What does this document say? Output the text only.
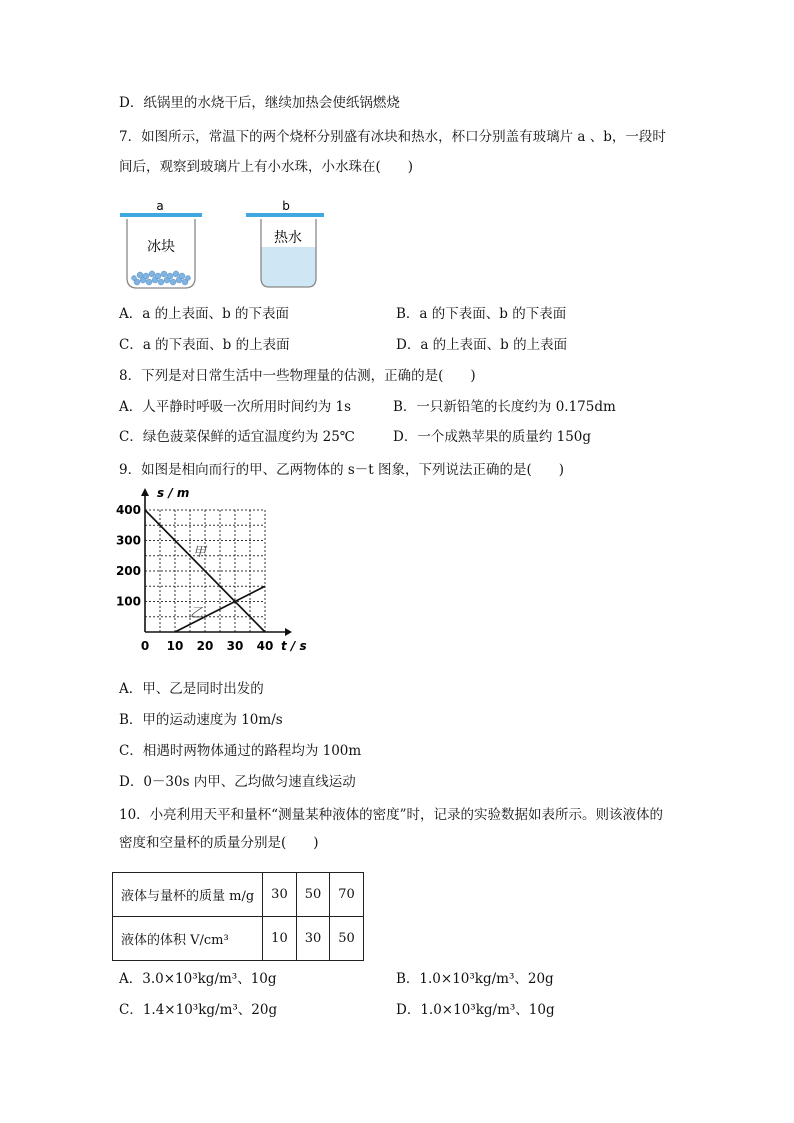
D．纸锅里的水烧干后，继续加热会使纸锅燃烧
7．如图所示，常温下的两个烧杯分别盛有冰块和热水，杯口分别盖有玻璃片 a 、b，一段时
间后，观察到玻璃片上有小水珠，小水珠在(　　)
a
冰块
b
热水
A．a 的上表面、b 的下表面	B．a 的下表面、b 的下表面
C．a 的下表面、b 的上表面	D．a 的上表面、b 的上表面
8．下列是对日常生活中一些物理量的估测，正确的是(　　)
A．人平静时呼吸一次所用时间约为 1s	B．一只新铅笔的长度约为 0.175dm
C．绿色菠菜保鲜的适宜温度约为 25℃	D．一个成熟苹果的质量约 150g
9．如图是相向而行的甲、乙两物体的 s－t 图象，下列说法正确的是(　　)
0 10 20 30 40
100
200
300
400
s / m
t / s
甲
乙
A．甲、乙是同时出发的
B．甲的运动速度为 10m/s
C．相遇时两物体通过的路程均为 100m
D．0－30s 内甲、乙均做匀速直线运动
10．小亮利用天平和量杯“测量某种液体的密度”时，记录的实验数据如表所示。则该液体的
密度和空量杯的质量分别是(　　)
液体与量杯的质量 m/g	30	50	70
液体的体积 V/cm³	10	30	50
A．3.0×10³kg/m³、10g	B．1.0×10³kg/m³、20g
C．1.4×10³kg/m³、20g	D．1.0×10³kg/m³、10g
